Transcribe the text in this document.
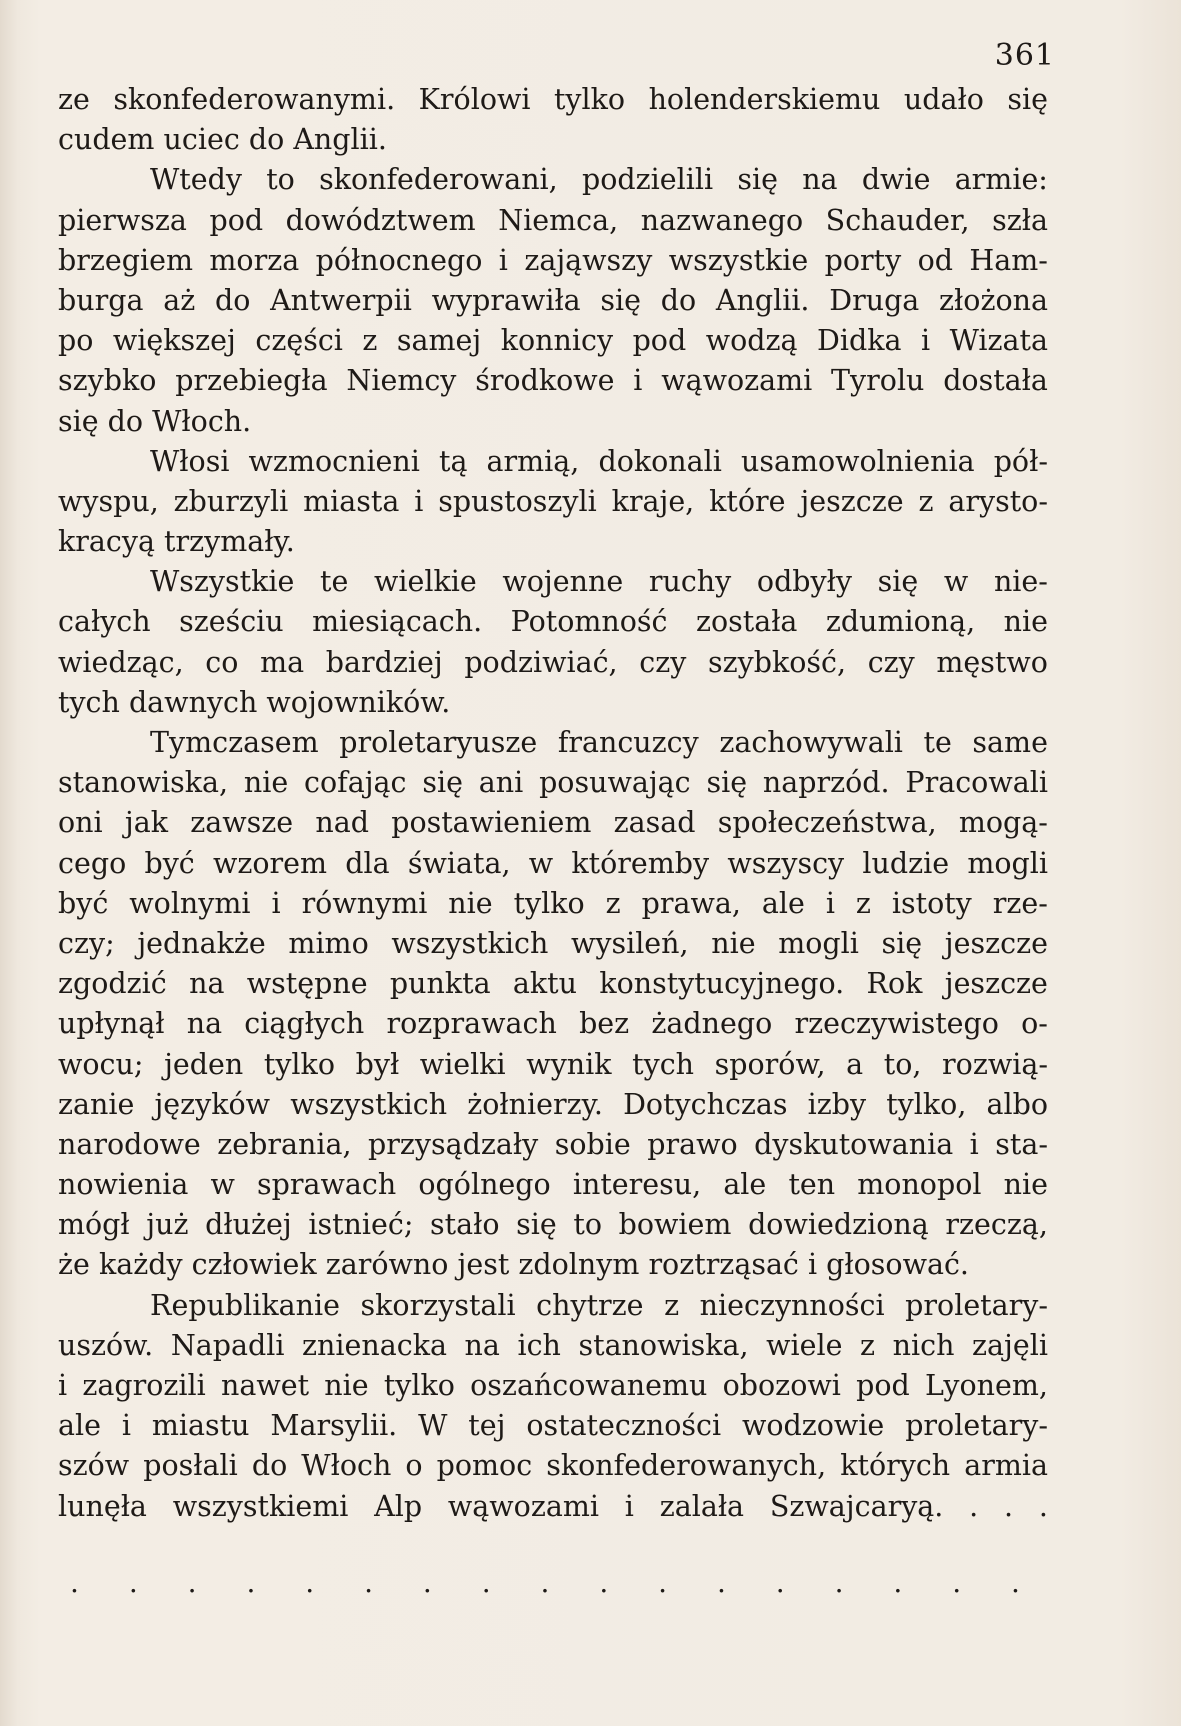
361
ze skonfederowanymi. Królowi tylko holenderskiemu udało się
cudem uciec do Anglii.
Wtedy to skonfederowani, podzielili się na dwie armie:
pierwsza pod dowództwem Niemca, nazwanego Schauder, szła
brzegiem morza północnego i zająwszy wszystkie porty od Ham-
burga aż do Antwerpii wyprawiła się do Anglii. Druga złożona
po większej części z samej konnicy pod wodzą Didka i Wizata
szybko przebiegła Niemcy środkowe i wąwozami Tyrolu dostała
się do Włoch.
Włosi wzmocnieni tą armią, dokonali usamowolnienia pół-
wyspu, zburzyli miasta i spustoszyli kraje, które jeszcze z arysto-
kracyą trzymały.
Wszystkie te wielkie wojenne ruchy odbyły się w nie-
całych sześciu miesiącach. Potomność została zdumioną, nie
wiedząc, co ma bardziej podziwiać, czy szybkość, czy męstwo
tych dawnych wojowników.
Tymczasem proletaryusze francuzcy zachowywali te same
stanowiska, nie cofając się ani posuwając się naprzód. Pracowali
oni jak zawsze nad postawieniem zasad społeczeństwa, mogą-
cego być wzorem dla świata, w któremby wszyscy ludzie mogli
być wolnymi i równymi nie tylko z prawa, ale i z istoty rze-
czy; jednakże mimo wszystkich wysileń, nie mogli się jeszcze
zgodzić na wstępne punkta aktu konstytucyjnego. Rok jeszcze
upłynął na ciągłych rozprawach bez żadnego rzeczywistego o-
wocu; jeden tylko był wielki wynik tych sporów, a to, rozwią-
zanie języków wszystkich żołnierzy. Dotychczas izby tylko, albo
narodowe zebrania, przysądzały sobie prawo dyskutowania i sta-
nowienia w sprawach ogólnego interesu, ale ten monopol nie
mógł już dłużej istnieć; stało się to bowiem dowiedzioną rzeczą,
że każdy człowiek zarówno jest zdolnym roztrząsać i głosować.
Republikanie skorzystali chytrze z nieczynności proletary-
uszów. Napadli znienacka na ich stanowiska, wiele z nich zajęli
i zagrozili nawet nie tylko oszańcowanemu obozowi pod Lyonem,
ale i miastu Marsylii. W tej ostateczności wodzowie proletary-
szów posłali do Włoch o pomoc skonfederowanych, których armia
lunęła wszystkiemi Alp wąwozami i zalała Szwajcaryą. . . .
. . . . . . . . . . . . . . . . .
